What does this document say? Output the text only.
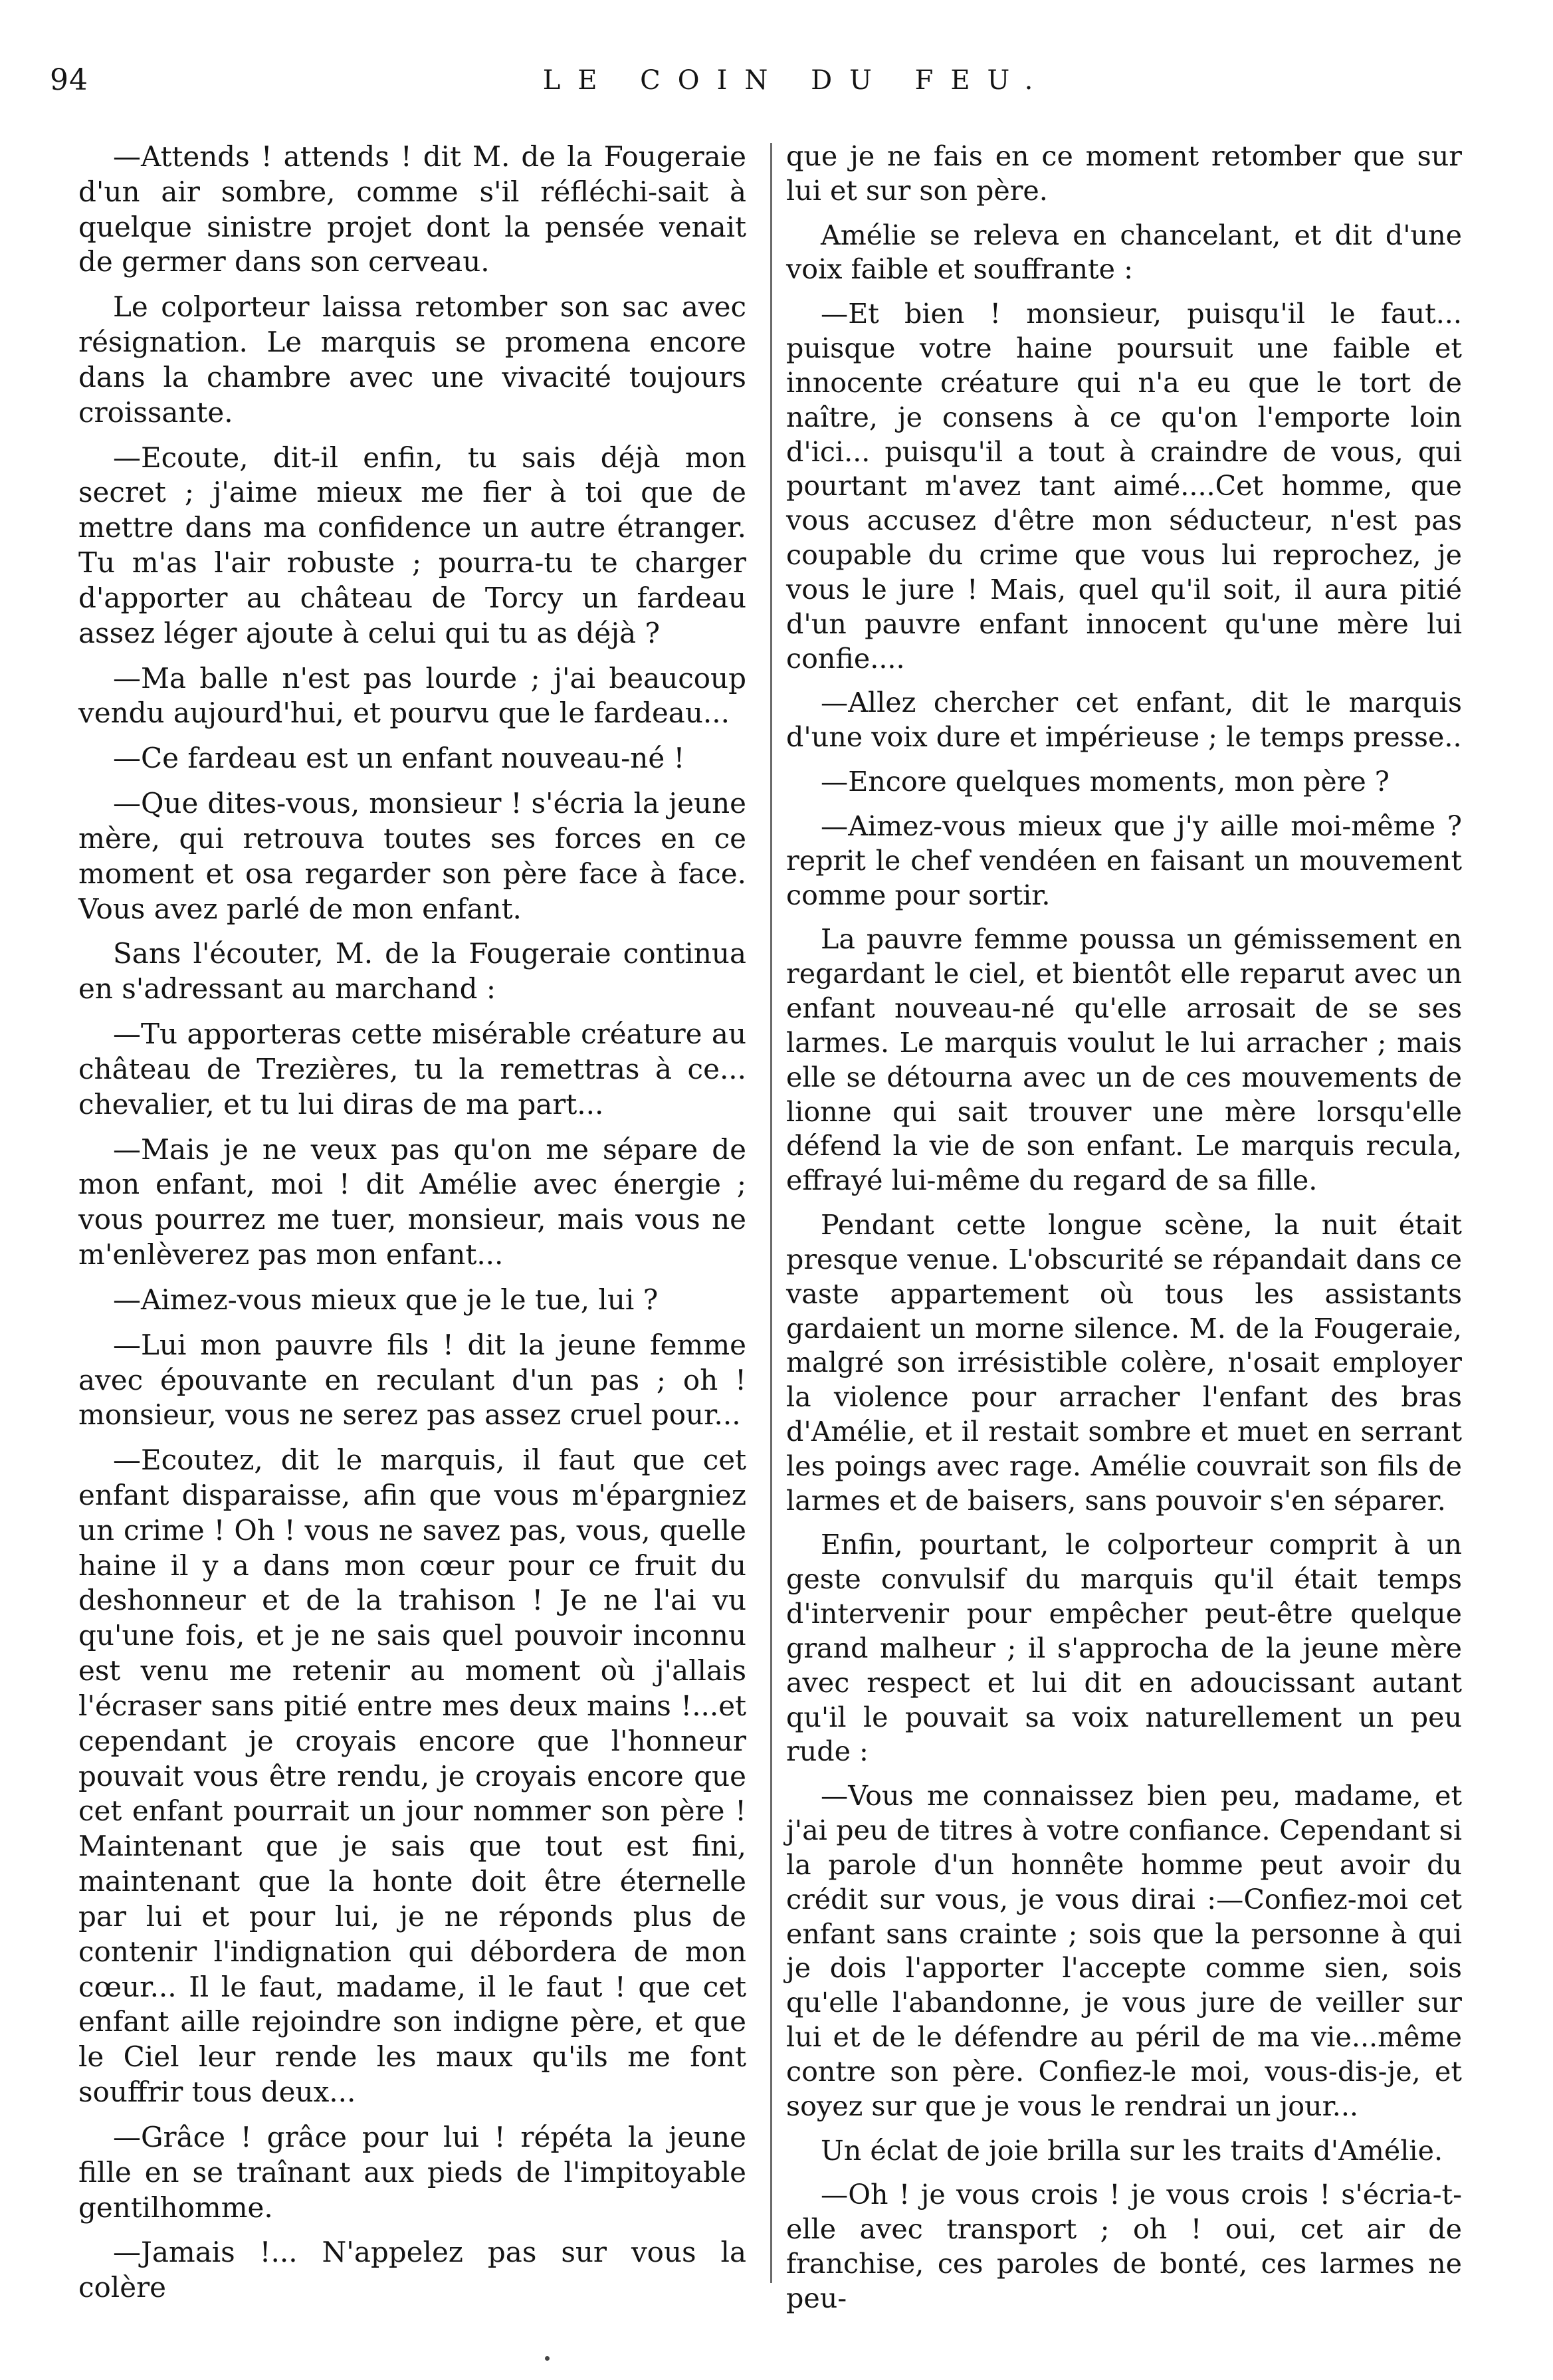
94	LE COIN DU FEU.

—Attends ! attends ! dit M. de la Fougeraie d'un air sombre, comme s'il réfléchi-sait à quelque sinistre projet dont la pensée venait de germer dans son cerveau.

Le colporteur laissa retomber son sac avec résignation. Le marquis se promena encore dans la chambre avec une vivacité toujours croissante.

—Ecoute, dit-il enfin, tu sais déjà mon secret ; j'aime mieux me fier à toi que de mettre dans ma confidence un autre étranger. Tu m'as l'air robuste ; pourra-tu te charger d'apporter au château de Torcy un fardeau assez léger ajoute à celui qui tu as déjà ?

—Ma balle n'est pas lourde ; j'ai beaucoup vendu aujourd'hui, et pourvu que le fardeau...

—Ce fardeau est un enfant nouveau-né !

—Que dites-vous, monsieur ! s'écria la jeune mère, qui retrouva toutes ses forces en ce moment et osa regarder son père face à face. Vous avez parlé de mon enfant.

Sans l'écouter, M. de la Fougeraie continua en s'adressant au marchand :

—Tu apporteras cette misérable créature au château de Trezières, tu la remettras à ce... chevalier, et tu lui diras de ma part...

—Mais je ne veux pas qu'on me sépare de mon enfant, moi ! dit Amélie avec énergie ; vous pourrez me tuer, monsieur, mais vous ne m'enlèverez pas mon enfant...

—Aimez-vous mieux que je le tue, lui ?

—Lui mon pauvre fils ! dit la jeune femme avec épouvante en reculant d'un pas ; oh ! monsieur, vous ne serez pas assez cruel pour...

—Ecoutez, dit le marquis, il faut que cet enfant disparaisse, afin que vous m'épargniez un crime ! Oh ! vous ne savez pas, vous, quelle haine il y a dans mon cœur pour ce fruit du deshonneur et de la trahison ! Je ne l'ai vu qu'une fois, et je ne sais quel pouvoir inconnu est venu me retenir au moment où j'allais l'écraser sans pitié entre mes deux mains !...et cependant je croyais encore que l'honneur pouvait vous être rendu, je croyais encore que cet enfant pourrait un jour nommer son père ! Maintenant que je sais que tout est fini, maintenant que la honte doit être éternelle par lui et pour lui, je ne réponds plus de contenir l'indignation qui débordera de mon cœur... Il le faut, madame, il le faut ! que cet enfant aille rejoindre son indigne père, et que le Ciel leur rende les maux qu'ils me font souffrir tous deux...

—Grâce ! grâce pour lui ! répéta la jeune fille en se traînant aux pieds de l'impitoyable gentilhomme.

—Jamais !... N'appelez pas sur vous la colère

que je ne fais en ce moment retomber que sur lui et sur son père.

Amélie se releva en chancelant, et dit d'une voix faible et souffrante :

—Et bien ! monsieur, puisqu'il le faut... puisque votre haine poursuit une faible et innocente créature qui n'a eu que le tort de naître, je consens à ce qu'on l'emporte loin d'ici... puisqu'il a tout à craindre de vous, qui pourtant m'avez tant aimé....Cet homme, que vous accusez d'être mon séducteur, n'est pas coupable du crime que vous lui reprochez, je vous le jure ! Mais, quel qu'il soit, il aura pitié d'un pauvre enfant innocent qu'une mère lui confie....

—Allez chercher cet enfant, dit le marquis d'une voix dure et impérieuse ; le temps presse..

—Encore quelques moments, mon père ?

—Aimez-vous mieux que j'y aille moi-même ? reprit le chef vendéen en faisant un mouvement comme pour sortir.

La pauvre femme poussa un gémissement en regardant le ciel, et bientôt elle reparut avec un enfant nouveau-né qu'elle arrosait de se ses larmes. Le marquis voulut le lui arracher ; mais elle se détourna avec un de ces mouvements de lionne qui sait trouver une mère lorsqu'elle défend la vie de son enfant. Le marquis recula, effrayé lui-même du regard de sa fille.

Pendant cette longue scène, la nuit était presque venue. L'obscurité se répandait dans ce vaste appartement où tous les assistants gardaient un morne silence. M. de la Fougeraie, malgré son irrésistible colère, n'osait employer la violence pour arracher l'enfant des bras d'Amélie, et il restait sombre et muet en serrant les poings avec rage. Amélie couvrait son fils de larmes et de baisers, sans pouvoir s'en séparer.

Enfin, pourtant, le colporteur comprit à un geste convulsif du marquis qu'il était temps d'intervenir pour empêcher peut-être quelque grand malheur ; il s'approcha de la jeune mère avec respect et lui dit en adoucissant autant qu'il le pouvait sa voix naturellement un peu rude :

—Vous me connaissez bien peu, madame, et j'ai peu de titres à votre confiance. Cependant si la parole d'un honnête homme peut avoir du crédit sur vous, je vous dirai :—Confiez-moi cet enfant sans crainte ; sois que la personne à qui je dois l'apporter l'accepte comme sien, sois qu'elle l'abandonne, je vous jure de veiller sur lui et de le défendre au péril de ma vie...même contre son père. Confiez-le moi, vous-dis-je, et soyez sur que je vous le rendrai un jour...

Un éclat de joie brilla sur les traits d'Amélie.

—Oh ! je vous crois ! je vous crois ! s'écria-t-elle avec transport ; oh ! oui, cet air de franchise, ces paroles de bonté, ces larmes ne peu-
